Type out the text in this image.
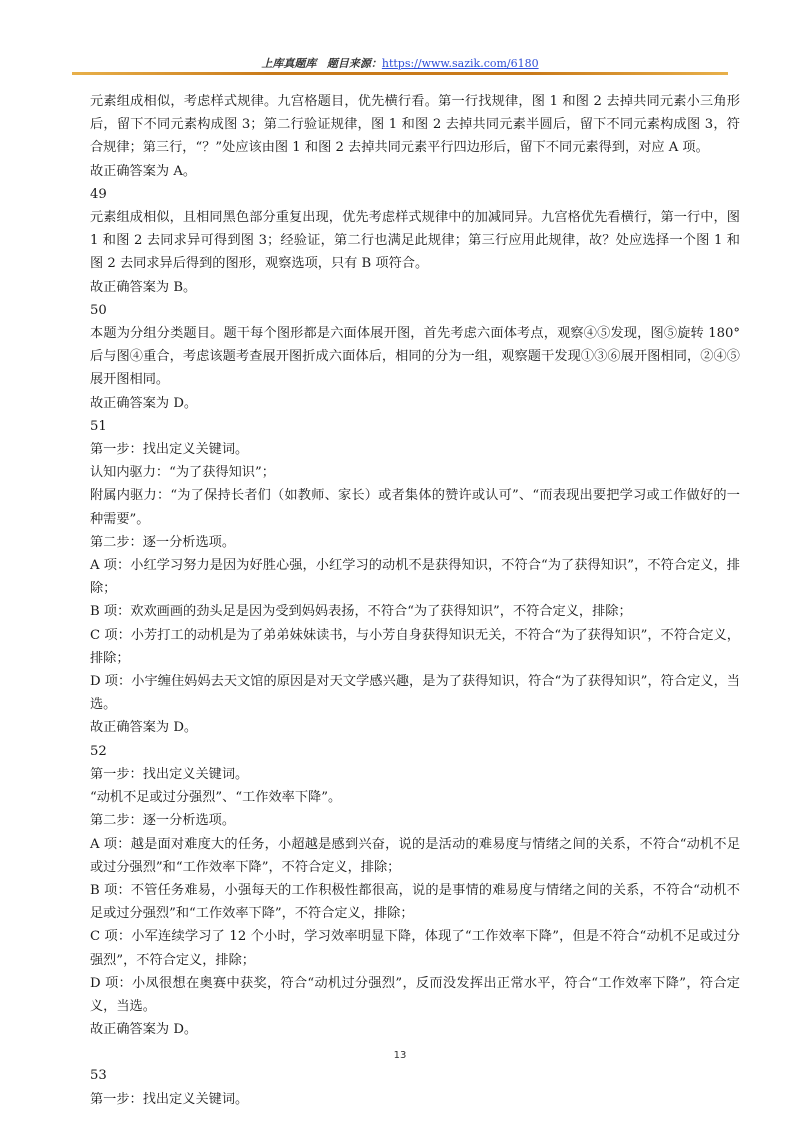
上库真题库 题目来源：https://www.sazik.com/6180

元素组成相似，考虑样式规律。九宫格题目，优先横行看。第一行找规律，图 1 和图 2 去掉共同元素小三角形后，留下不同元素构成图 3；第二行验证规律，图 1 和图 2 去掉共同元素半圆后，留下不同元素构成图 3，符合规律；第三行，“？”处应该由图 1 和图 2 去掉共同元素平行四边形后，留下不同元素得到，对应 A 项。

故正确答案为 A。

49

元素组成相似，且相同黑色部分重复出现，优先考虑样式规律中的加减同异。九宫格优先看横行，第一行中，图 1 和图 2 去同求异可得到图 3；经验证，第二行也满足此规律；第三行应用此规律，故？处应选择一个图 1 和图 2 去同求异后得到的图形，观察选项，只有 B 项符合。

故正确答案为 B。

50

本题为分组分类题目。题干每个图形都是六面体展开图，首先考虑六面体考点，观察④⑤发现，图⑤旋转 180°后与图④重合，考虑该题考查展开图折成六面体后，相同的分为一组，观察题干发现①③⑥展开图相同，②④⑤展开图相同。

故正确答案为 D。

51

第一步：找出定义关键词。

认知内驱力：“为了获得知识”；

附属内驱力：“为了保持长者们（如教师、家长）或者集体的赞许或认可”、“而表现出要把学习或工作做好的一种需要”。

第二步：逐一分析选项。

A 项：小红学习努力是因为好胜心强，小红学习的动机不是获得知识，不符合“为了获得知识”，不符合定义，排除；

B 项：欢欢画画的劲头足是因为受到妈妈表扬，不符合“为了获得知识”，不符合定义，排除；

C 项：小芳打工的动机是为了弟弟妹妹读书，与小芳自身获得知识无关，不符合“为了获得知识”，不符合定义，排除；

D 项：小宇缠住妈妈去天文馆的原因是对天文学感兴趣，是为了获得知识，符合“为了获得知识”，符合定义，当选。

故正确答案为 D。

52

第一步：找出定义关键词。

“动机不足或过分强烈”、“工作效率下降”。

第二步：逐一分析选项。

A 项：越是面对难度大的任务，小超越是感到兴奋，说的是活动的难易度与情绪之间的关系，不符合“动机不足或过分强烈”和“工作效率下降”，不符合定义，排除；

B 项：不管任务难易，小强每天的工作积极性都很高，说的是事情的难易度与情绪之间的关系，不符合“动机不足或过分强烈”和“工作效率下降”，不符合定义，排除；

C 项：小军连续学习了 12 个小时，学习效率明显下降，体现了“工作效率下降”，但是不符合“动机不足或过分强烈”，不符合定义，排除；

D 项：小凤很想在奥赛中获奖，符合“动机过分强烈”，反而没发挥出正常水平，符合“工作效率下降”，符合定义，当选。

故正确答案为 D。

53

第一步：找出定义关键词。

13
